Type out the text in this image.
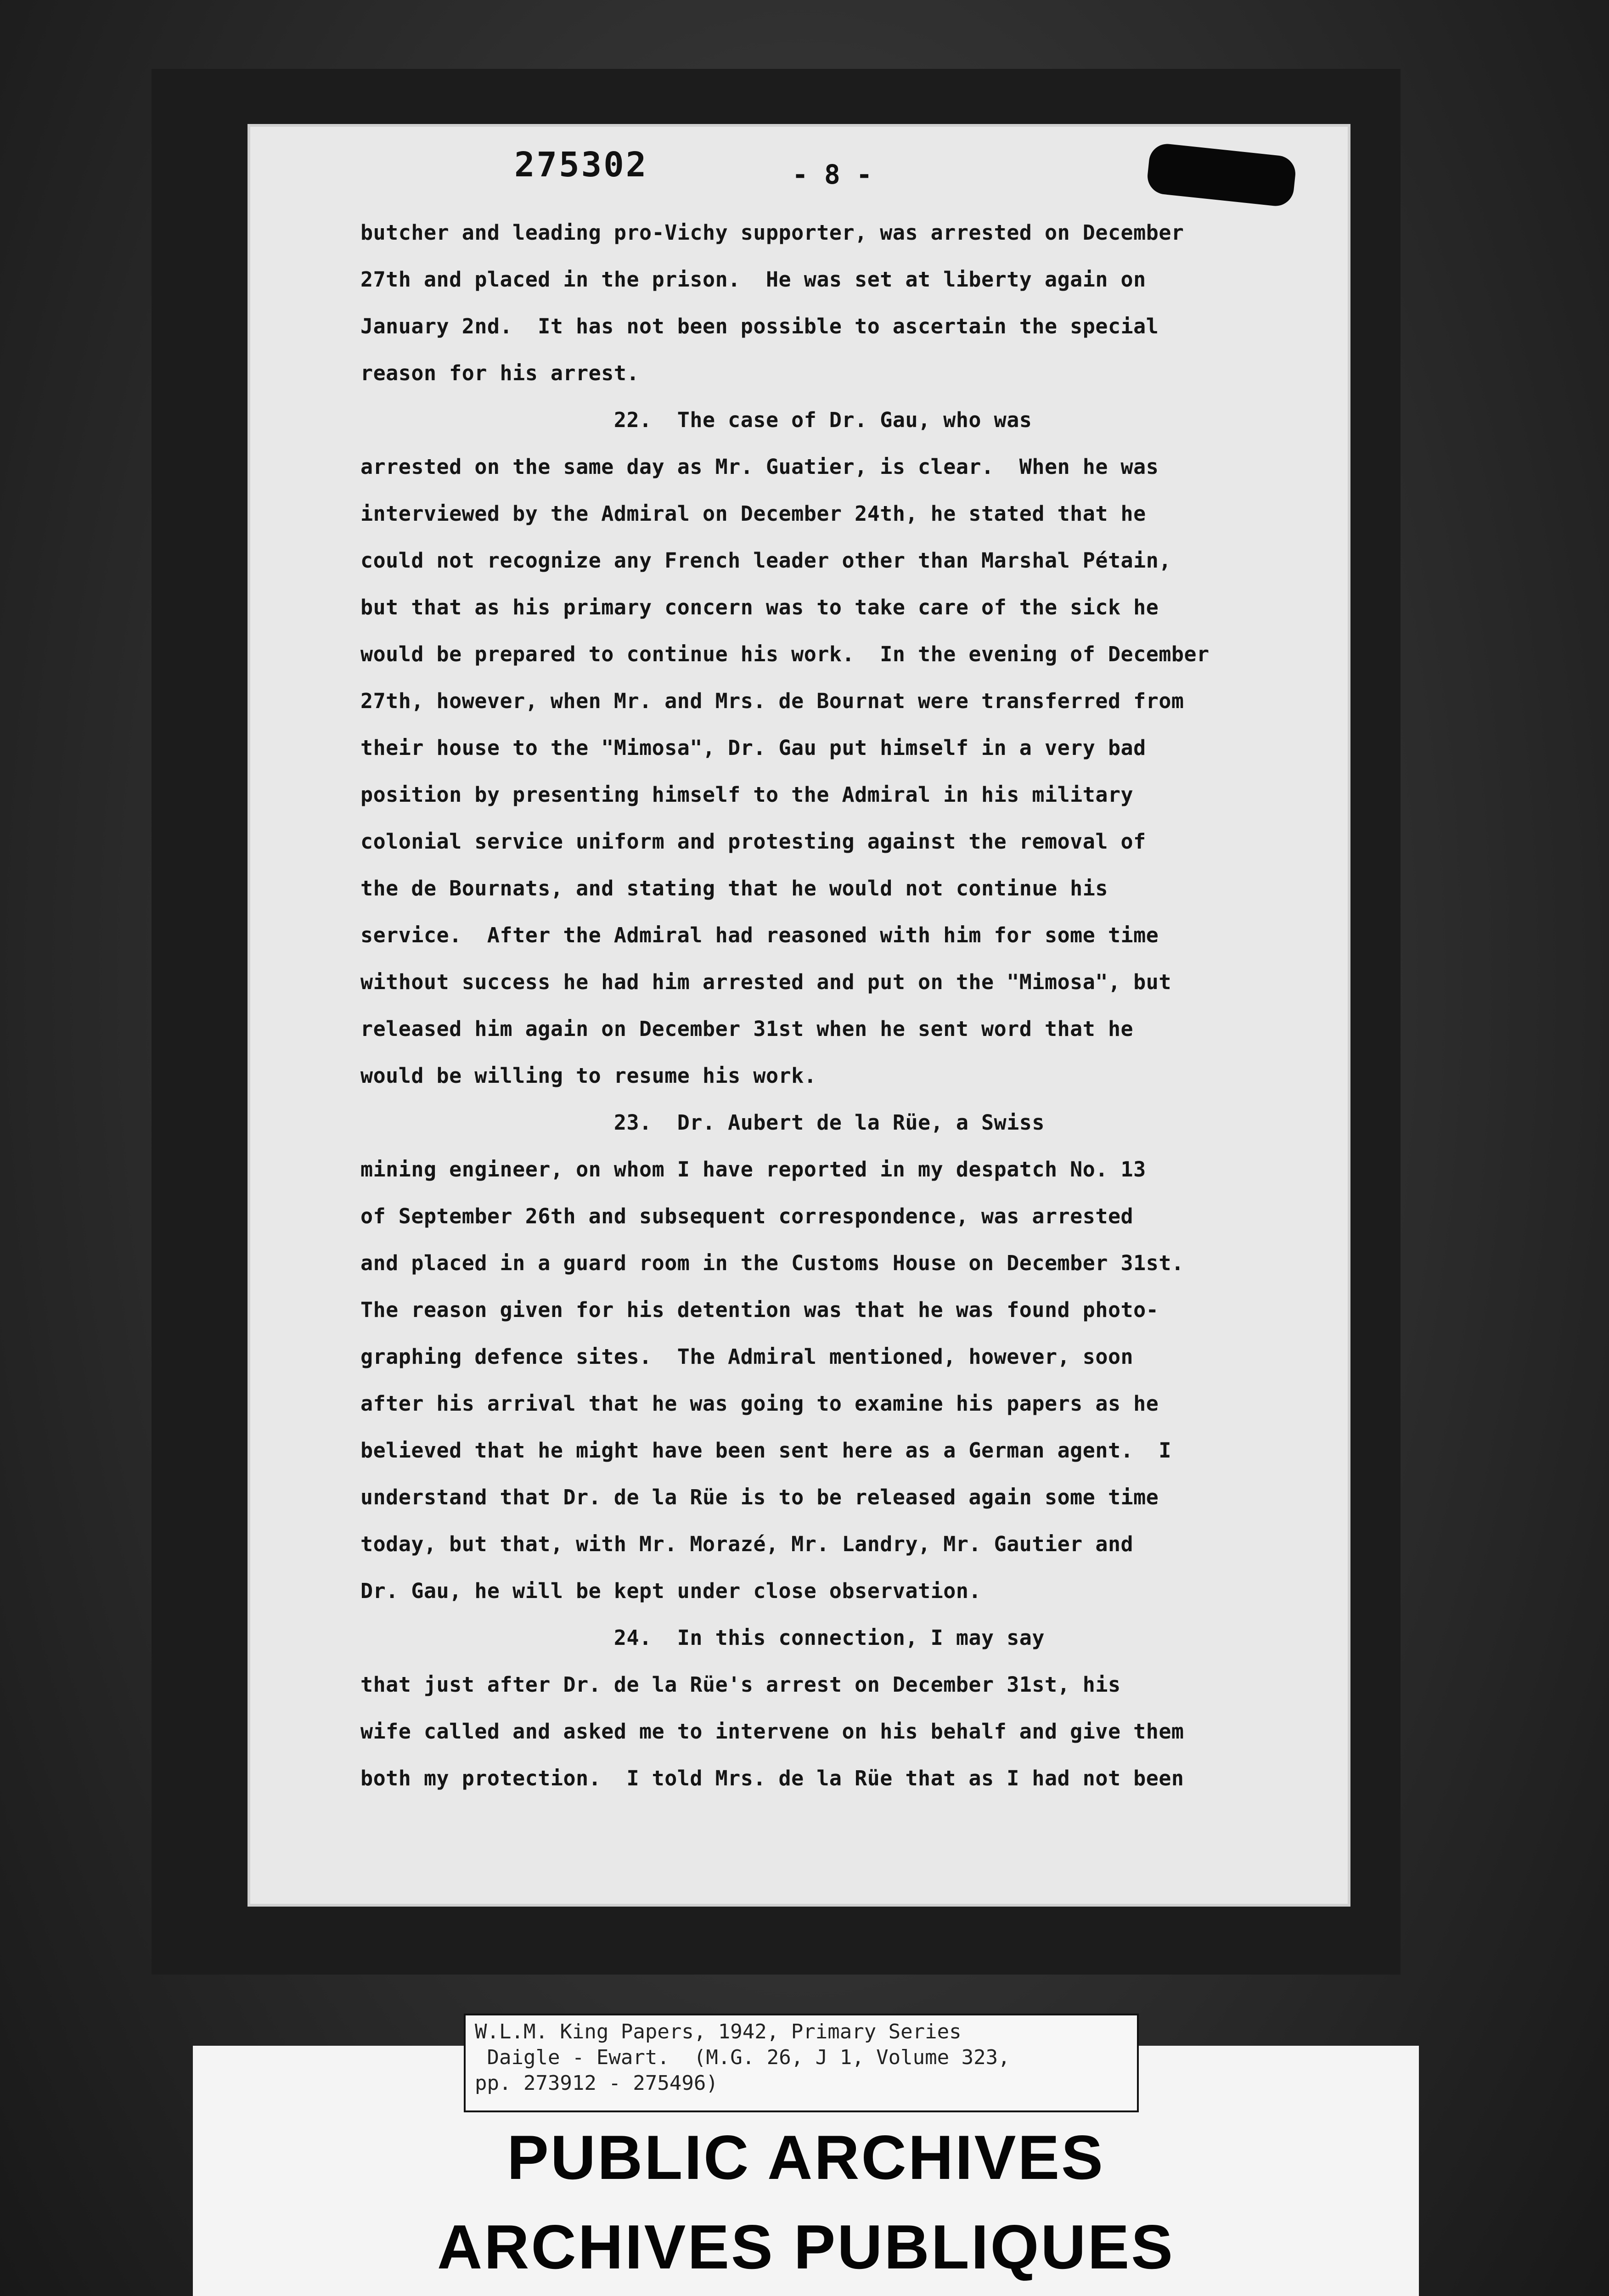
275302	- 8 -
butcher and leading pro-Vichy supporter, was arrested on December
27th and placed in the prison.  He was set at liberty again on
January 2nd.  It has not been possible to ascertain the special
reason for his arrest.
22.  The case of Dr. Gau, who was
arrested on the same day as Mr. Guatier, is clear.  When he was
interviewed by the Admiral on December 24th, he stated that he
could not recognize any French leader other than Marshal Pétain,
but that as his primary concern was to take care of the sick he
would be prepared to continue his work.  In the evening of December
27th, however, when Mr. and Mrs. de Bournat were transferred from
their house to the "Mimosa", Dr. Gau put himself in a very bad
position by presenting himself to the Admiral in his military
colonial service uniform and protesting against the removal of
the de Bournats, and stating that he would not continue his
service.  After the Admiral had reasoned with him for some time
without success he had him arrested and put on the "Mimosa", but
released him again on December 31st when he sent word that he
would be willing to resume his work.
23.  Dr. Aubert de la Rüe, a Swiss
mining engineer, on whom I have reported in my despatch No. 13
of September 26th and subsequent correspondence, was arrested
and placed in a guard room in the Customs House on December 31st.
The reason given for his detention was that he was found photo-
graphing defence sites.  The Admiral mentioned, however, soon
after his arrival that he was going to examine his papers as he
believed that he might have been sent here as a German agent.  I
understand that Dr. de la Rüe is to be released again some time
today, but that, with Mr. Morazé, Mr. Landry, Mr. Gautier and
Dr. Gau, he will be kept under close observation.
24.  In this connection, I may say
that just after Dr. de la Rüe's arrest on December 31st, his
wife called and asked me to intervene on his behalf and give them
both my protection.  I told Mrs. de la Rüe that as I had not been
W.L.M. King Papers, 1942, Primary Series
Daigle - Ewart.  (M.G. 26, J 1, Volume 323,
pp. 273912 - 275496)
PUBLIC ARCHIVES
ARCHIVES PUBLIQUES
